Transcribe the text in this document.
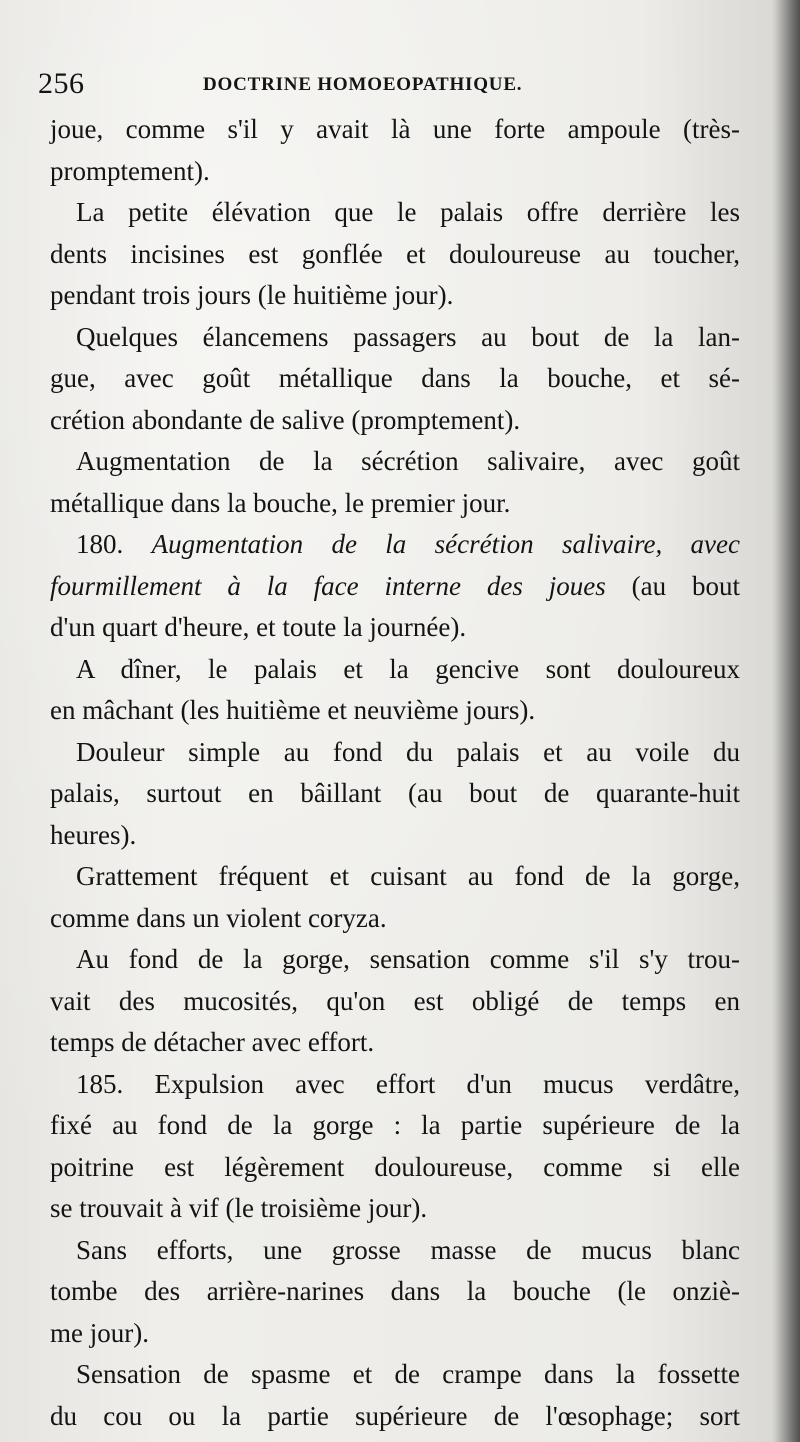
256	DOCTRINE HOMOEOPATHIQUE.
joue, comme s'il y avait là une forte ampoule (très-
promptement).
La petite élévation que le palais offre derrière les
dents incisines est gonflée et douloureuse au toucher,
pendant trois jours (le huitième jour).
Quelques élancemens passagers au bout de la lan-
gue, avec goût métallique dans la bouche, et sé-
crétion abondante de salive (promptement).
Augmentation de la sécrétion salivaire, avec goût
métallique dans la bouche, le premier jour.
180. Augmentation de la sécrétion salivaire, avec
fourmillement à la face interne des joues (au bout
d'un quart d'heure, et toute la journée).
A dîner, le palais et la gencive sont douloureux
en mâchant (les huitième et neuvième jours).
Douleur simple au fond du palais et au voile du
palais, surtout en bâillant (au bout de quarante-huit
heures).
Grattement fréquent et cuisant au fond de la gorge,
comme dans un violent coryza.
Au fond de la gorge, sensation comme s'il s'y trou-
vait des mucosités, qu'on est obligé de temps en
temps de détacher avec effort.
185. Expulsion avec effort d'un mucus verdâtre,
fixé au fond de la gorge : la partie supérieure de la
poitrine est légèrement douloureuse, comme si elle
se trouvait à vif (le troisième jour).
Sans efforts, une grosse masse de mucus blanc
tombe des arrière-narines dans la bouche (le onziè-
me jour).
Sensation de spasme et de crampe dans la fossette
du cou ou la partie supérieure de l'œsophage; sort
